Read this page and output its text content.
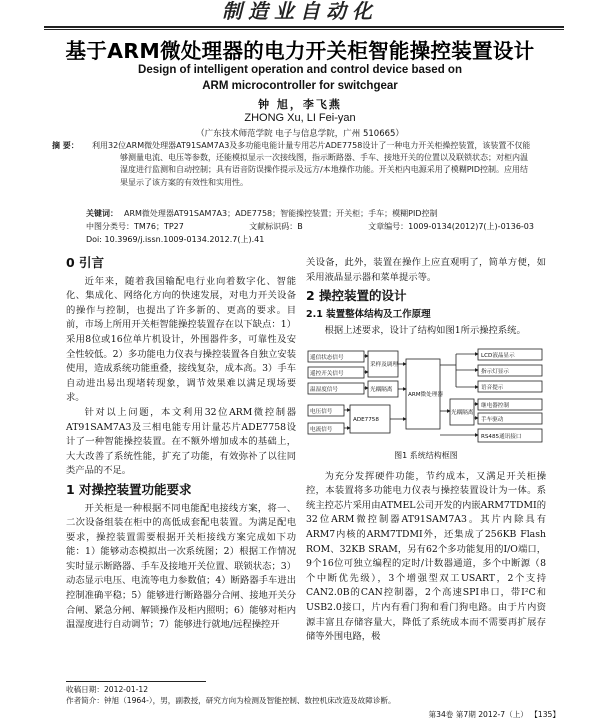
制造业自动化
基于ARM微处理器的电力开关柜智能操控装置设计
Design of intelligent operation and control device based on
ARM microcontroller for switchgear
钟 旭，李飞燕
ZHONG Xu, LI Fei-yan
（广东技术师范学院 电子与信息学院，广州 510665）
摘 要： 利用32位ARM微处理器AT91SAM7A3及多功能电能计量专用芯片ADE7758设计了一种电力开关柜操控装置，该装置不仅能够测量电流、电压等参数，还能模拟显示一次接线图，指示断路器、手车、接地开关的位置以及联锁状态；对柜内温湿度进行监测和自动控制；具有语音防误操作提示及远方/本地操作功能。开关柜内电源采用了模糊PID控制。应用结果显示了该方案的有效性和实用性。
关键词： ARM微处理器AT91SAM7A3；ADE7758；智能操控装置；开关柜；手车；模糊PID控制
中图分类号：TM76；TP27	文献标识码：B	文章编号：1009-0134(2012)7(上)-0136-03
Doi: 10.3969/j.issn.1009-0134.2012.7(上).41
0 引言

近年来，随着我国输配电行业向着数字化、智能化、集成化、网络化方向的快速发展，对电力开关设备的操作与控制，也提出了许多新的、更高的要求。目前，市场上所用开关柜智能操控装置存在以下缺点：1）采用8位或16位单片机设计，外围器件多，可靠性及安全性较低。2）多功能电力仪表与操控装置各自独立安装使用，造成系统功能重叠，接线复杂，成本高。3）手车自动进出易出现堵转现象，调节效果难以满足现场要求。

针对以上问题，本文利用32位ARM微控制器AT91SAM7A3及三相电能专用计量芯片ADE7758设计了一种智能操控装置。在不额外增加成本的基础上，大大改善了系统性能，扩充了功能，有效弥补了以往同类产品的不足。

1 对操控装置功能要求

开关柜是一种根据不同电能配电接线方案，将一、二次设备组装在柜中的高低成套配电装置。为满足配电要求，操控装置需要根据开关柜接线方案完成如下功能：1）能够动态模拟出一次系统图；2）根据工作情况实时显示断路器、手车及接地开关位置、联锁状态；3）动态显示电压、电流等电力参数值；4）断路器手车进出控制准确平稳；5）能够进行断路器分合闸、接地开关分合闸、紧急分闸、解锁操作及柜内照明；6）能够对柜内温湿度进行自动调节；7）能够进行就地/远程操控开

关设备，此外，装置在操作上应直观明了，简单方便，如采用液晶显示器和菜单提示等。

2 操控装置的设计
2.1 装置整体结构及工作原理

根据上述要求，设计了结构如图1所示操控系统。

遥信状态信号
遥控开关信号
温湿度信号
电压信号
电流信号
采样及调理
光耦隔离
ADE7758
ARM微处理器
LCD液晶显示
指示灯显示
语音提示
光耦隔离
继电器控制
手车驱动
RS485通讯接口
图1 系统结构框图

为充分发挥硬件功能，节约成本，又满足开关柜操控，本装置将多功能电力仪表与操控装置设计为一体。系统主控芯片采用由ATMEL公司开发的内嵌ARM7TDMI的32位ARM微控制器AT91SAM7A3。其片内除具有ARM7内核的ARM7TDMI外，还集成了256KB Flash ROM、32KB SRAM，另有62个多功能复用的I/O端口，9个16位可独立编程的定时/计数器通道，多个中断源（8个中断优先级），3个增强型双工USART，2个支持CAN2.0B的CAN控制器，2个高速SPI串口，带I²C和USB2.0接口，片内有看门狗和看门狗电路。由于片内资源丰富且存储容量大，降低了系统成本而不需要再扩展存储等外围电路，极

收稿日期：2012-01-12
作者简介：钟旭（1964-），男，副教授，研究方向为检测及智能控制、数控机床改造及故障诊断。
第34卷 第7期 2012-7（上） 【135】
